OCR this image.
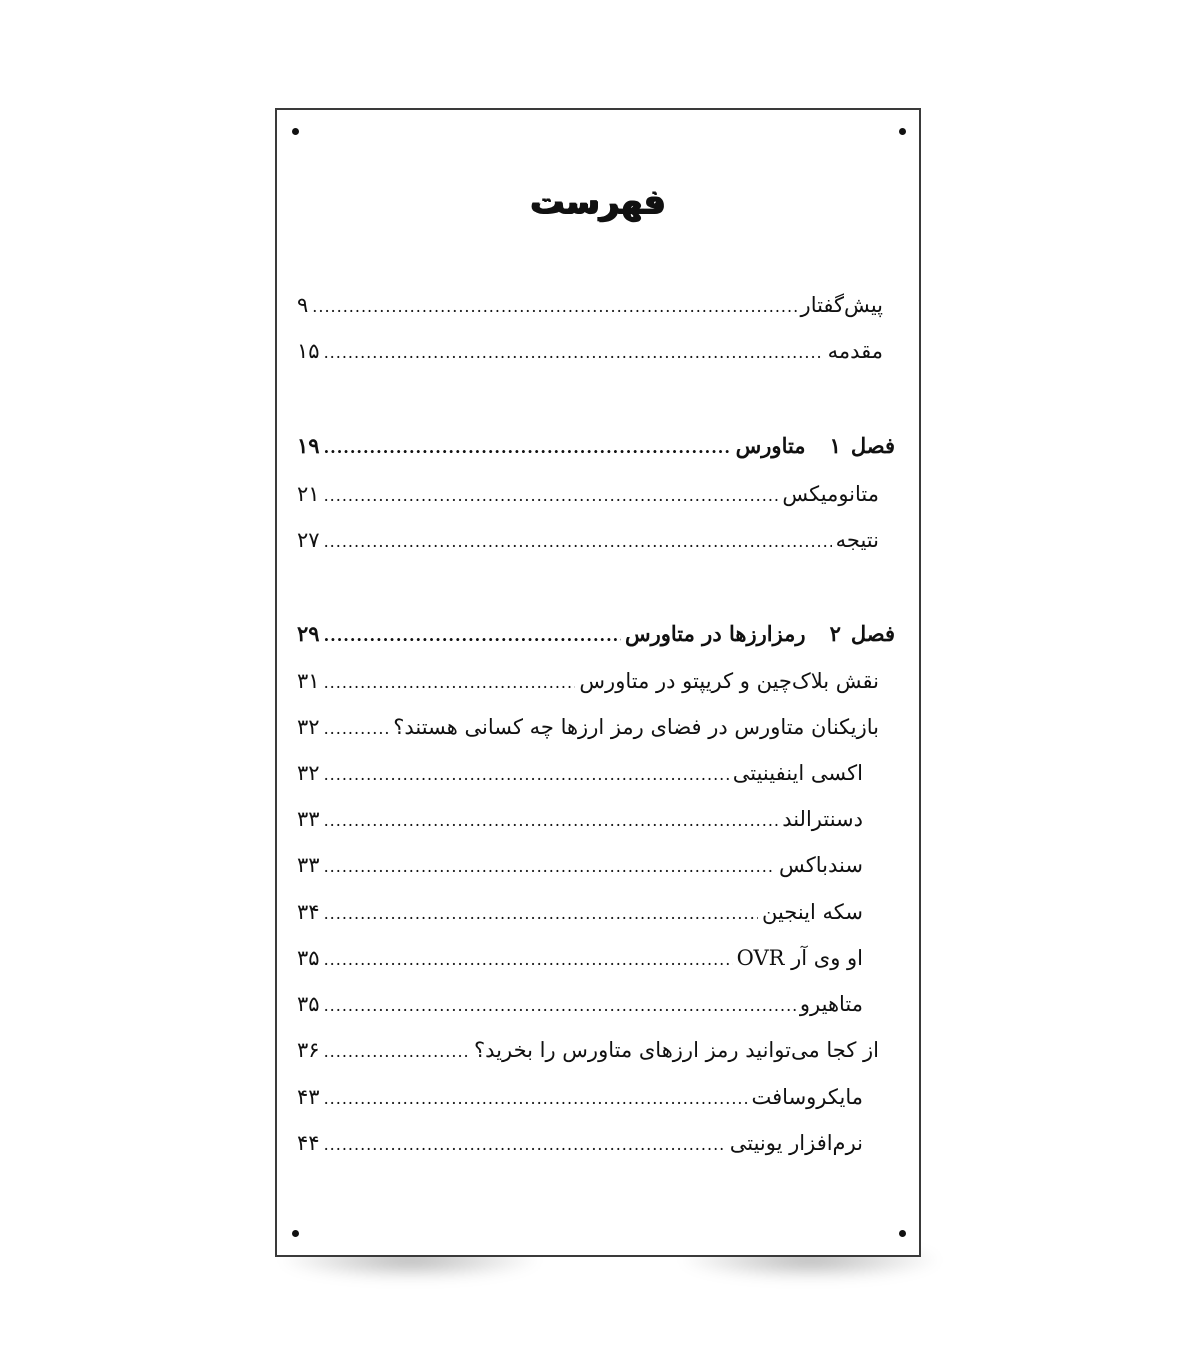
فهرست
پیش‌گفتار
.....
۹
مقدمه
.....
۱۵
فصل۱متاورس
.....
۱۹
متانومیکس
.....
۲۱
نتیجه
.....
۲۷
فصل۲رمزارزها در متاورس
.....
۲۹
نقش بلاک‌چین و کریپتو در متاورس
.....
۳۱
بازیکنان متاورس در فضای رمز ارزها چه کسانی هستند؟
.....
۳۲
اکسی اینفینیتی
.....
۳۲
دسنترالند
.....
۳۳
سندباکس
.....
۳۳
سکه اینجین
.....
۳۴
او وی آر OVR
.....
۳۵
متاهیرو
.....
۳۵
از کجا می‌توانید رمز ارزهای متاورس را بخرید؟
.....
۳۶
مایکروسافت
.....
۴۳
نرم‌افزار یونیتی
.....
۴۴
